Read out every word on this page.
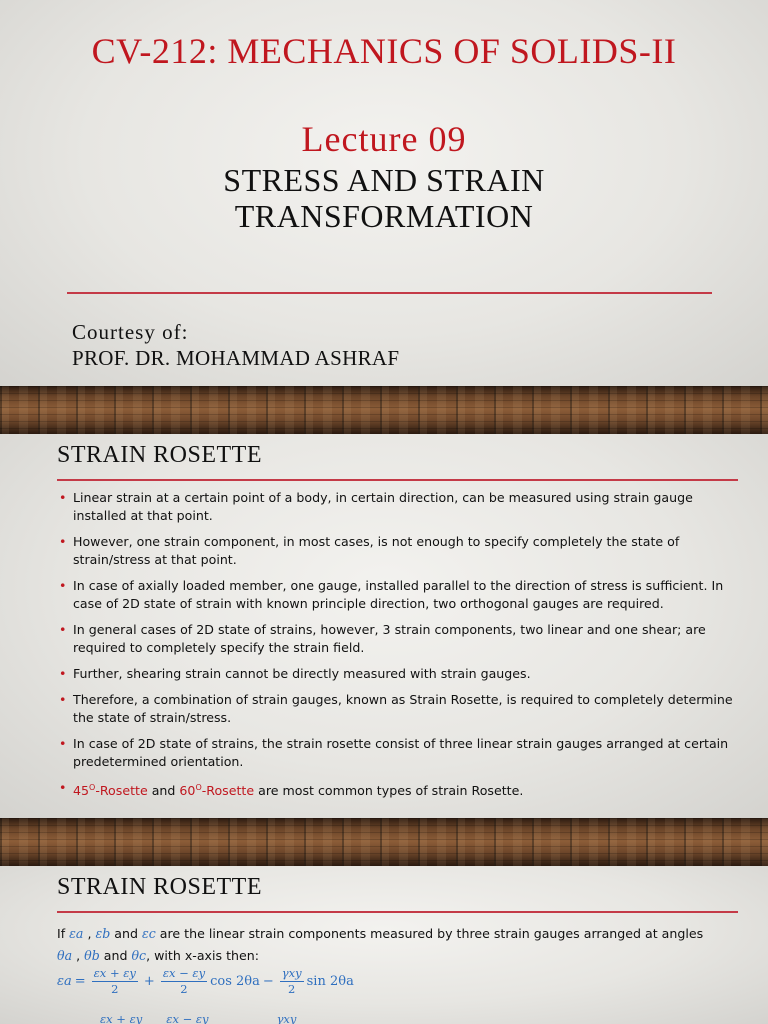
CV-212: MECHANICS OF SOLIDS-II
Lecture 09
STRESS AND STRAIN
TRANSFORMATION
Courtesy of:
PROF. DR. MOHAMMAD ASHRAF
STRAIN ROSETTE
• Linear strain at a certain point of a body, in certain direction, can be measured using strain gauge installed at that point.
• However, one strain component, in most cases, is not enough to specify completely the state of strain/stress at that point.
• In case of axially loaded member, one gauge, installed parallel to the direction of stress is sufficient. In case of 2D state of strain with known principle direction, two orthogonal gauges are required.
• In general cases of 2D state of strains, however, 3 strain components, two linear and one shear; are required to completely specify the strain field.
• Further, shearing strain cannot be directly measured with strain gauges.
• Therefore, a combination of strain gauges, known as Strain Rosette, is required to completely determine the state of strain/stress.
• In case of 2D state of strains, the strain rosette consist of three linear strain gauges arranged at certain predetermined orientation.
• $45^O$-Rosette and $60^O$-Rosette are most common types of strain Rosette.
STRAIN ROSETTE
If εa , εb and εc are the linear strain components measured by three strain gauges arranged at angles
θa , θb and θc, with x-axis then:
$\varepsilon a = \frac{\varepsilon x + \varepsilon y}{2} + \frac{\varepsilon x - \varepsilon y}{2}$ $\cos 2\theta a - \frac{\text{γxy}}{2}$ sin 2θa
εx + εy εx − εy	γxy
